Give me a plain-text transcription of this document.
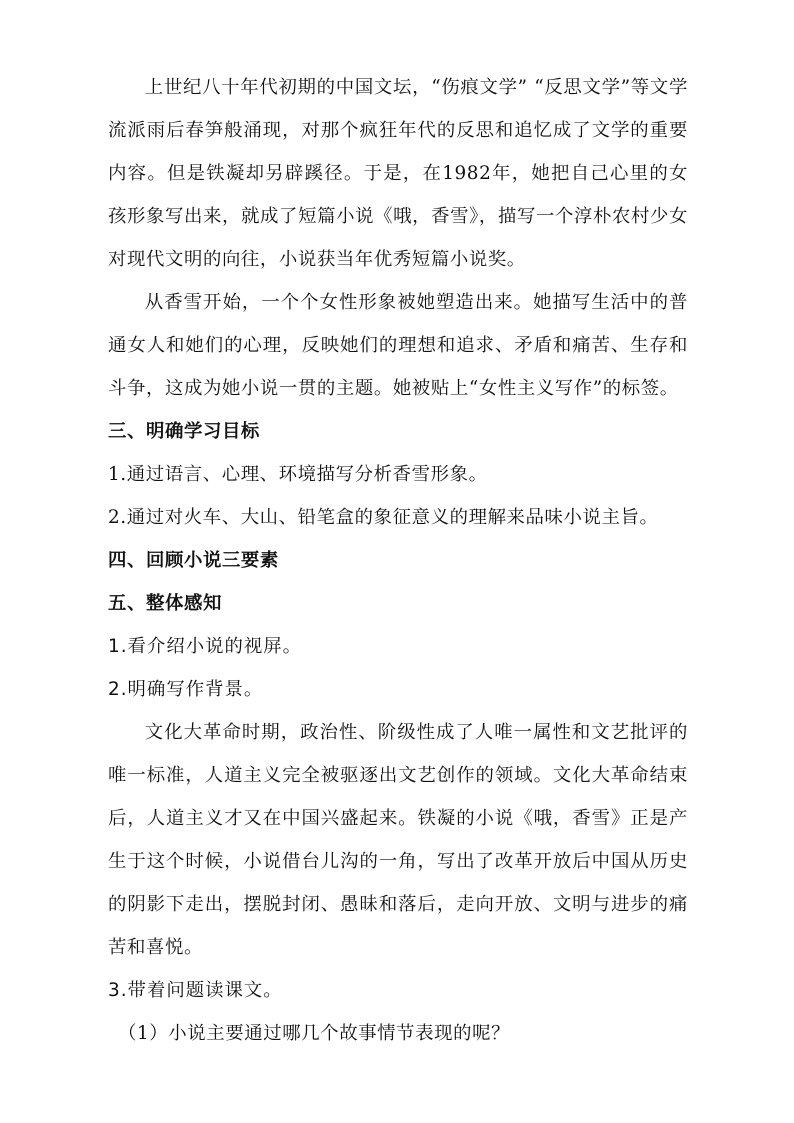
上世纪八十年代初期的中国文坛，“伤痕文学” “反思文学”等文学流派雨后春笋般涌现，对那个疯狂年代的反思和追忆成了文学的重要内容。但是铁凝却另辟蹊径。于是，在1982年，她把自己心里的女孩形象写出来，就成了短篇小说《哦，香雪》，描写一个淳朴农村少女对现代文明的向往，小说获当年优秀短篇小说奖。

从香雪开始，一个个女性形象被她塑造出来。她描写生活中的普通女人和她们的心理，反映她们的理想和追求、矛盾和痛苦、生存和斗争，这成为她小说一贯的主题。她被贴上“女性主义写作”的标签。

三、明确学习目标

1.通过语言、心理、环境描写分析香雪形象。

2.通过对火车、大山、铅笔盒的象征意义的理解来品味小说主旨。

四、回顾小说三要素

五、整体感知

1.看介绍小说的视屏。

2.明确写作背景。

文化大革命时期，政治性、阶级性成了人唯一属性和文艺批评的唯一标准，人道主义完全被驱逐出文艺创作的领域。文化大革命结束后，人道主义才又在中国兴盛起来。铁凝的小说《哦，香雪》正是产生于这个时候，小说借台儿沟的一角，写出了改革开放后中国从历史的阴影下走出，摆脱封闭、愚昧和落后，走向开放、文明与进步的痛苦和喜悦。

3.带着问题读课文。

（1）小说主要通过哪几个故事情节表现的呢？
